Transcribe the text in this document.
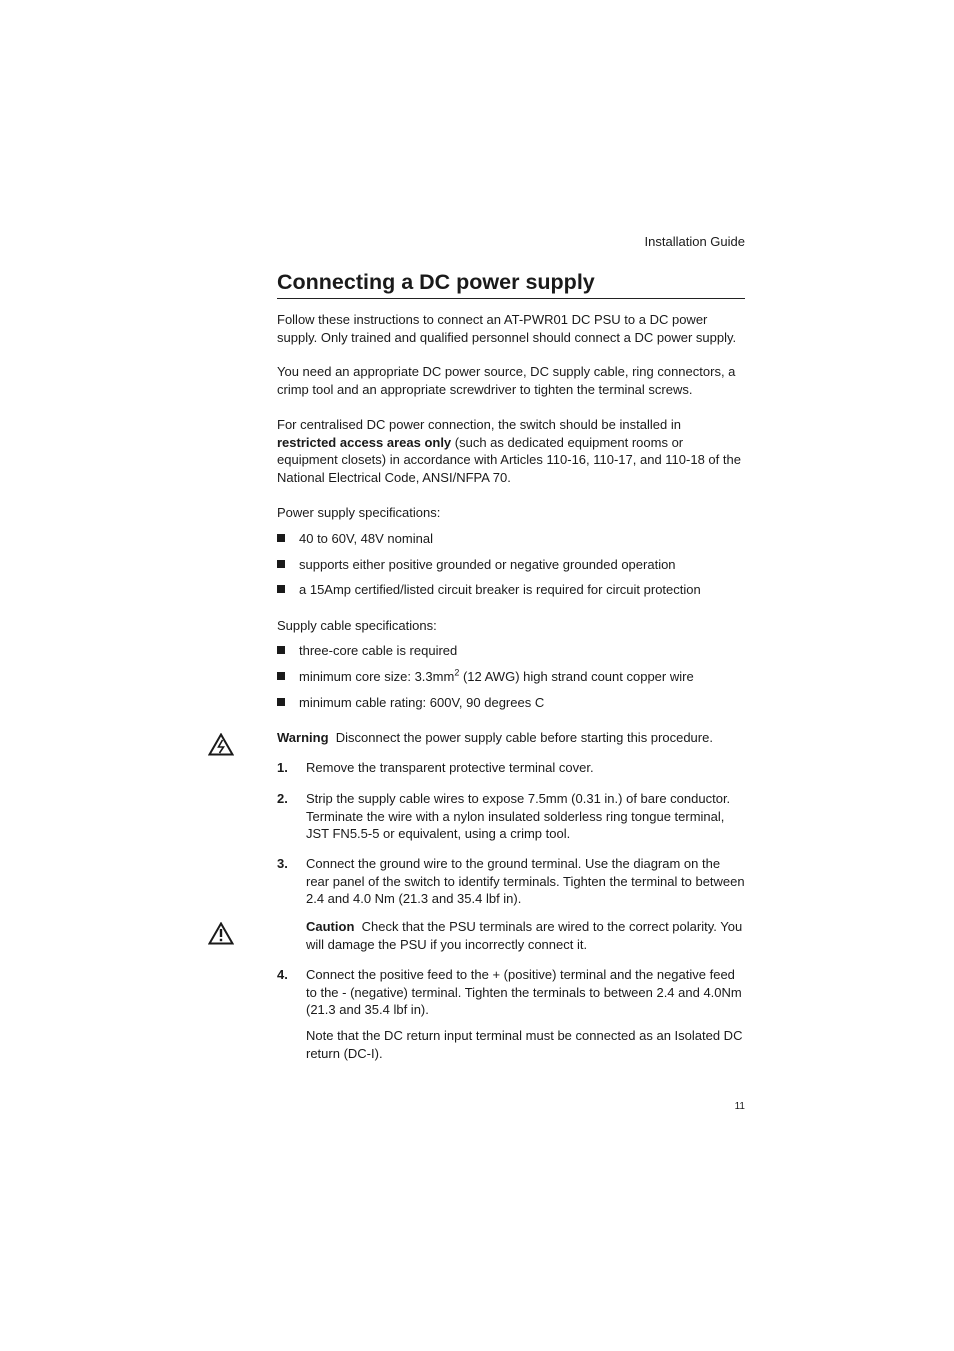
Installation Guide
Connecting a DC power supply

Follow these instructions to connect an AT-PWR01 DC PSU to a DC power supply. Only trained and qualified personnel should connect a DC power supply.

You need an appropriate DC power source, DC supply cable, ring connectors, a crimp tool and an appropriate screwdriver to tighten the terminal screws.

For centralised DC power connection, the switch should be installed in
restricted access areas only (such as dedicated equipment rooms or equipment closets) in accordance with Articles 110-16, 110-17, and 110-18 of the National Electrical Code, ANSI/NFPA 70.

Power supply specifications:

40 to 60V, 48V nominal
supports either positive grounded or negative grounded operation
a 15Amp certified/listed circuit breaker is required for circuit protection

Supply cable specifications:

three-core cable is required
minimum core size: $3.3mm^2$ (12 AWG) high strand count copper wire
minimum cable rating: 600V, 90 degrees C

Warning Disconnect the power supply cable before starting this procedure.

1. Remove the transparent protective terminal cover.
2. Strip the supply cable wires to expose 7.5mm (0.31 in.) of bare conductor. Terminate the wire with a nylon insulated solderless ring tongue terminal, JST FN5.5-5 or equivalent, using a crimp tool.
3. Connect the ground wire to the ground terminal. Use the diagram on the rear panel of the switch to identify terminals. Tighten the terminal to between 2.4 and 4.0 Nm (21.3 and 35.4 lbf in).

Caution Check that the PSU terminals are wired to the correct polarity. You will damage the PSU if you incorrectly connect it.

4. Connect the positive feed to the + (positive) terminal and the negative feed to the - (negative) terminal. Tighten the terminals to between 2.4 and 4.0Nm (21.3 and 35.4 lbf in).

Note that the DC return input terminal must be connected as an Isolated DC return (DC-I).

11
